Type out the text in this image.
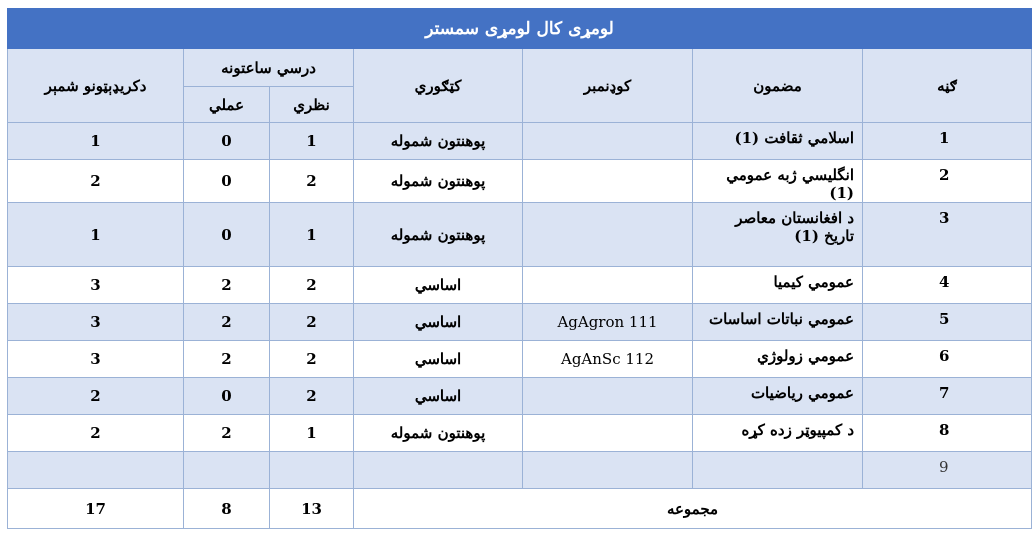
لومړی کال لومړی سمستر						
ګڼه	مضمون	کوډنمبر	کټګوري	درسي ساعتونه		دکریډېټونو شمېر
				نظري	عملي	
1	اسلامي ثقافت (1)		پوهنتون شموله	1	0	1
2	انگلیسي ژبه عمومي (1)		پوهنتون شموله	2	0	2
3	د افغانستان معاصر تاریخ (1)		پوهنتون شموله	1	0	1
4	عمومي کیمیا		اساسي	2	2	3
5	عمومي نباتات اساسات	AgAgron 111	اساسي	2	2	3
6	عمومي زولوژي	AgAnSc 112	اساسي	2	2	3
7	عمومي ریاضیات		اساسي	2	0	2
8	د کمپیوټر زده کړه		پوهنتون شموله	1	2	2
9						
مجموعه				13	8	17
